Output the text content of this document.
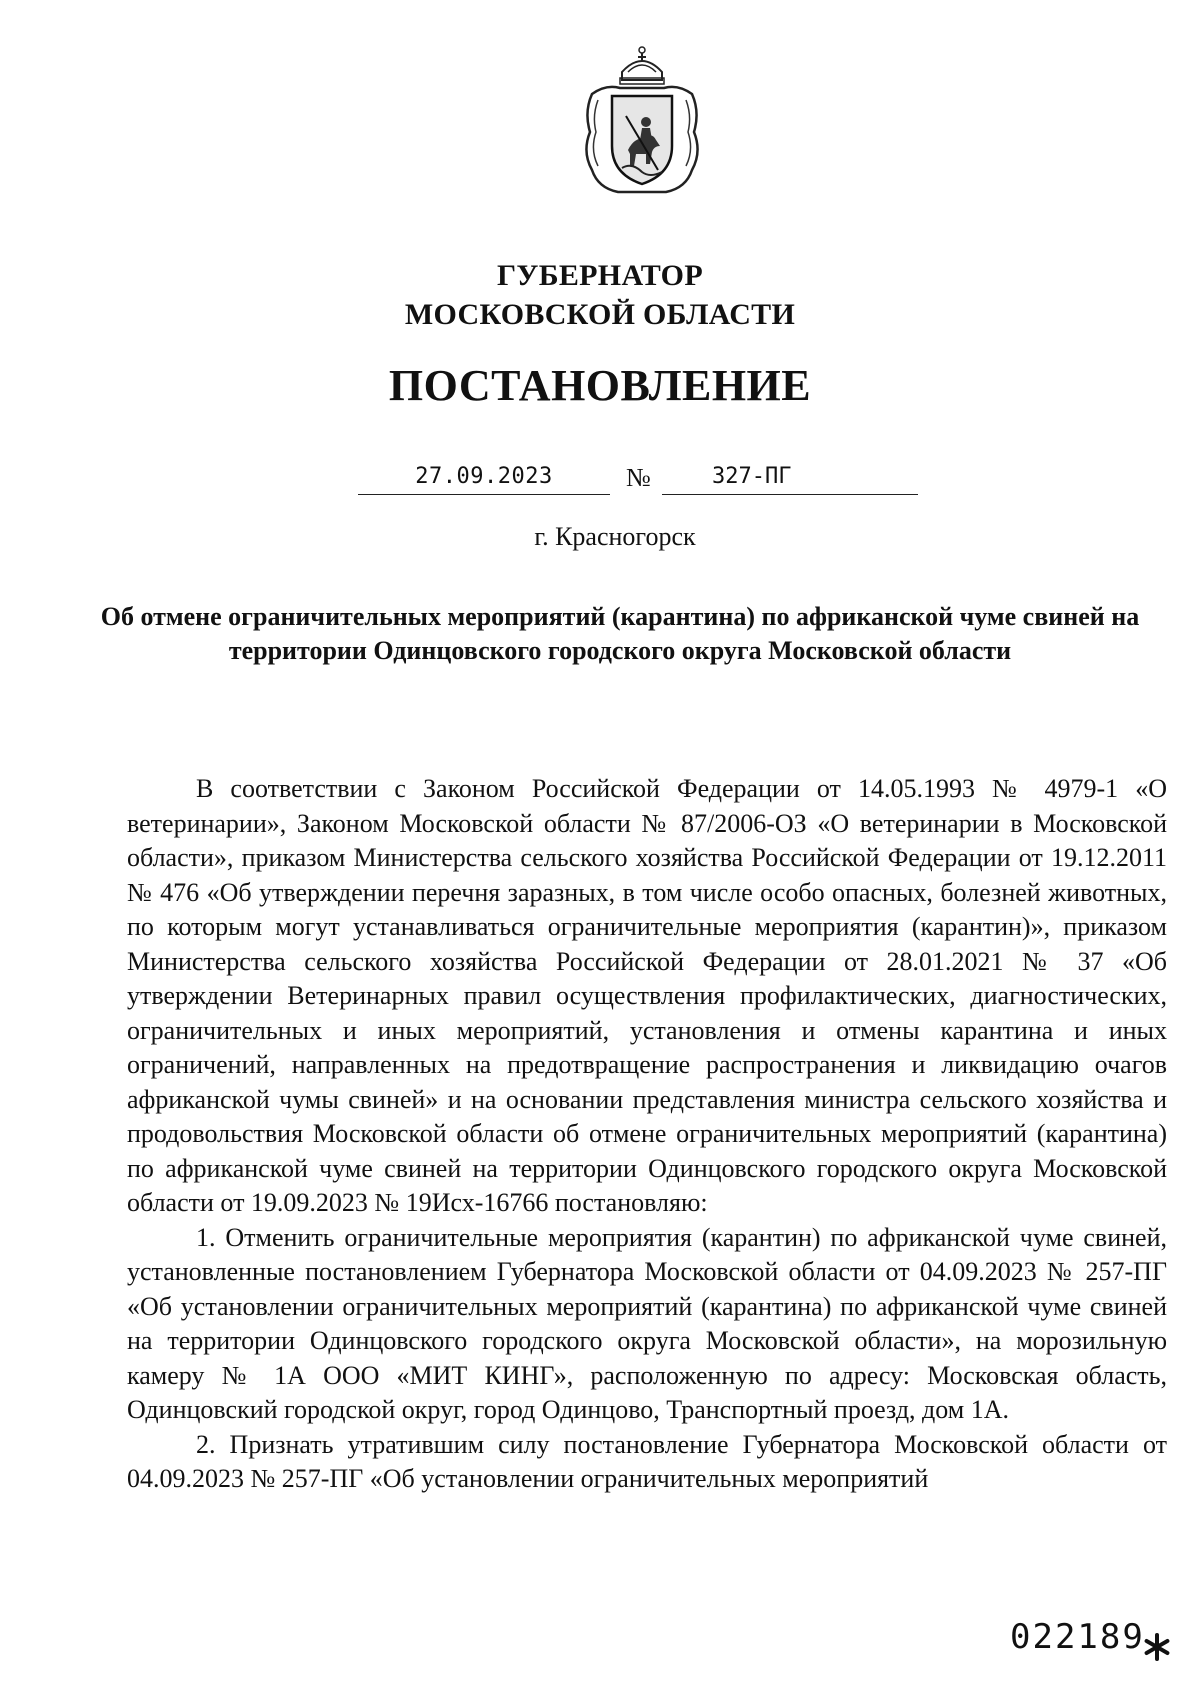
ГУБЕРНАТОР
МОСКОВСКОЙ ОБЛАСТИ
ПОСТАНОВЛЕНИЕ
27.09.2023	№	327-ПГ
г. Красногорск
Об отмене ограничительных мероприятий (карантина) по африканской чуме свиней на территории Одинцовского городского округа Московской области

В соответствии с Законом Российской Федерации от 14.05.1993 № 4979-1 «О ветеринарии», Законом Московской области № 87/2006-ОЗ «О ветеринарии в Московской области», приказом Министерства сельского хозяйства Российской Федерации от 19.12.2011 № 476 «Об утверждении перечня заразных, в том числе особо опасных, болезней животных, по которым могут устанавливаться ограничительные мероприятия (карантин)», приказом Министерства сельского хозяйства Российской Федерации от 28.01.2021 № 37 «Об утверждении Ветеринарных правил осуществления профилактических, диагностических, ограничительных и иных мероприятий, установления и отмены карантина и иных ограничений, направленных на предотвращение распространения и ликвидацию очагов африканской чумы свиней» и на основании представления министра сельского хозяйства и продовольствия Московской области об отмене ограничительных мероприятий (карантина) по африканской чуме свиней на территории Одинцовского городского округа Московской области от 19.09.2023 № 19Исх-16766 постановляю:

1. Отменить ограничительные мероприятия (карантин) по африканской чуме свиней, установленные постановлением Губернатора Московской области от 04.09.2023 № 257-ПГ «Об установлении ограничительных мероприятий (карантина) по африканской чуме свиней на территории Одинцовского городского округа Московской области», на морозильную камеру № 1А ООО «МИТ КИНГ», расположенную по адресу: Московская область, Одинцовский городской округ, город Одинцово, Транспортный проезд, дом 1А.

2. Признать утратившим силу постановление Губернатора Московской области от 04.09.2023 № 257-ПГ «Об установлении ограничительных мероприятий

022189
